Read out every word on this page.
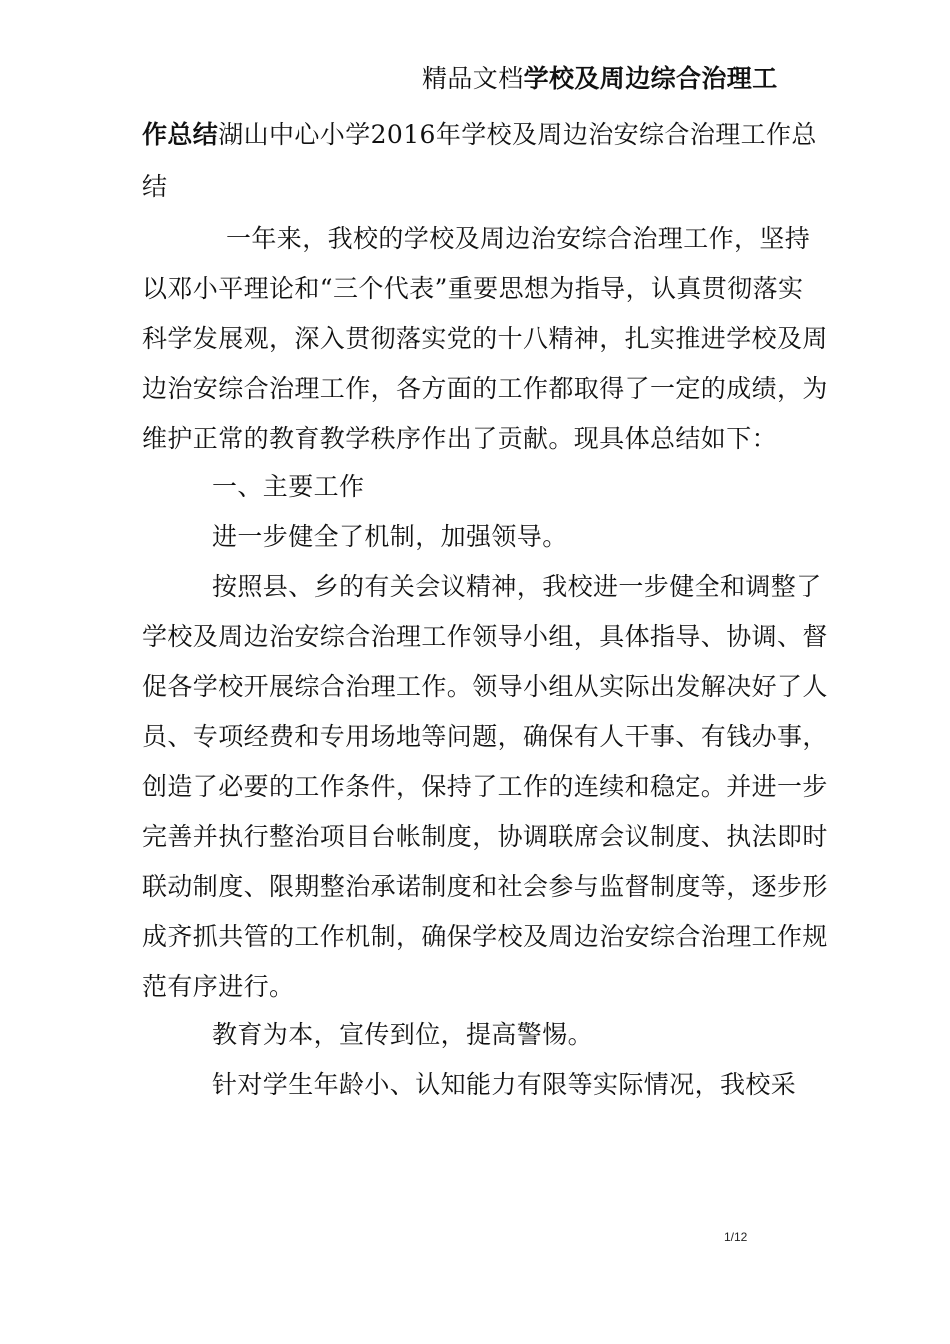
精品文档学校及周边综合治理工
作总结湖山中心小学2016年学校及周边治安综合治理工作总
结
一年来，我校的学校及周边治安综合治理工作，坚持
以邓小平理论和“三个代表”重要思想为指导，认真贯彻落实
科学发展观，深入贯彻落实党的十八精神，扎实推进学校及周
边治安综合治理工作，各方面的工作都取得了一定的成绩，为
维护正常的教育教学秩序作出了贡献。现具体总结如下：
一、主要工作
进一步健全了机制，加强领导。
按照县、乡的有关会议精神，我校进一步健全和调整了
学校及周边治安综合治理工作领导小组，具体指导、协调、督
促各学校开展综合治理工作。领导小组从实际出发解决好了人
员、专项经费和专用场地等问题，确保有人干事、有钱办事，
创造了必要的工作条件，保持了工作的连续和稳定。并进一步
完善并执行整治项目台帐制度，协调联席会议制度、执法即时
联动制度、限期整治承诺制度和社会参与监督制度等，逐步形
成齐抓共管的工作机制，确保学校及周边治安综合治理工作规
范有序进行。
教育为本，宣传到位，提高警惕。
针对学生年龄小、认知能力有限等实际情况，我校采
1/12
